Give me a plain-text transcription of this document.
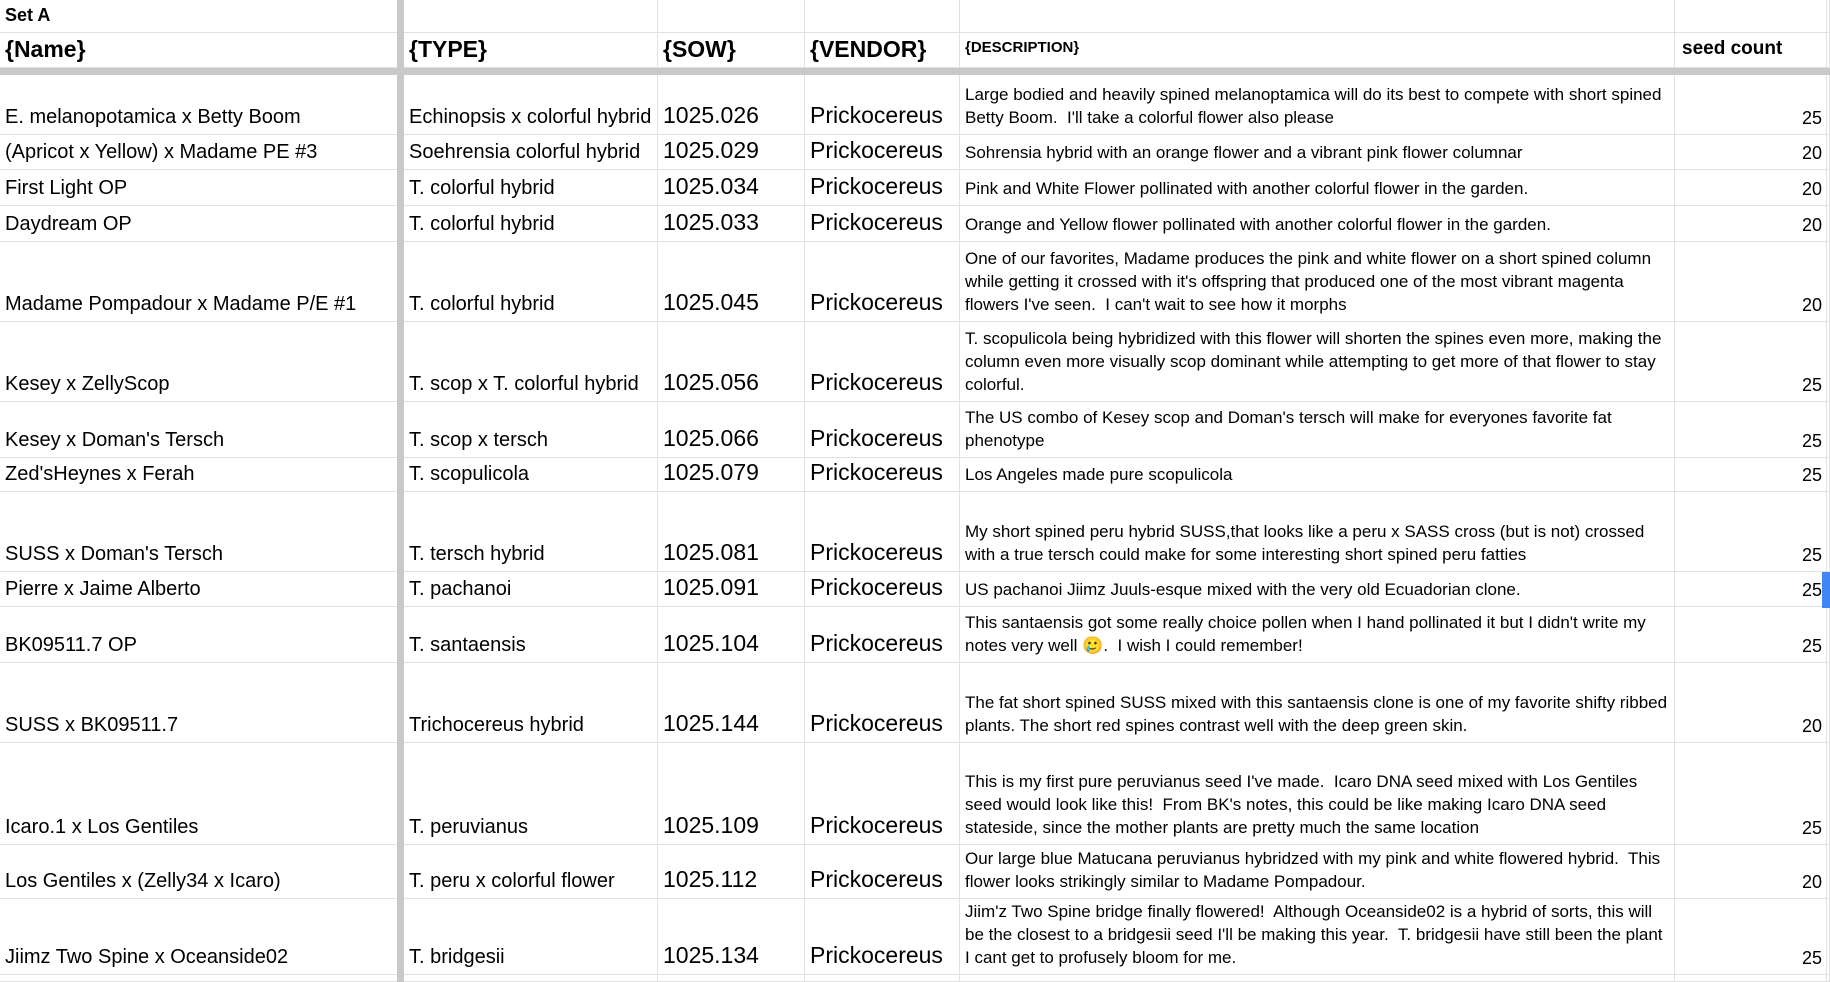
Set A						
{Name}	{TYPE}	{SOW}	{VENDOR}	{DESCRIPTION}	seed count	

E. melanopotamica x Betty Boom	Echinopsis x colorful hybrid	1025.026	Prickocereus	Large bodied and heavily spined melanoptamica will do its best to compete with short spined Betty Boom.  I'll take a colorful flower also please	25	
(Apricot x Yellow) x Madame PE #3	Soehrensia colorful hybrid	1025.029	Prickocereus	Sohrensia hybrid with an orange flower and a vibrant pink flower columnar	20	
First Light OP	T. colorful hybrid	1025.034	Prickocereus	Pink and White Flower pollinated with another colorful flower in the garden.	20	
Daydream OP	T. colorful hybrid	1025.033	Prickocereus	Orange and Yellow flower pollinated with another colorful flower in the garden.	20	
Madame Pompadour x Madame P/E #1	T. colorful hybrid	1025.045	Prickocereus	One of our favorites, Madame produces the pink and white flower on a short spined column while getting it crossed with it's offspring that produced one of the most vibrant magenta flowers I've seen.  I can't wait to see how it morphs	20	
Kesey x ZellyScop	T. scop x T. colorful hybrid	1025.056	Prickocereus	T. scopulicola being hybridized with this flower will shorten the spines even more, making the column even more visually scop dominant while attempting to get more of that flower to stay colorful.	25	
Kesey x Doman's Tersch	T. scop x tersch	1025.066	Prickocereus	The US combo of Kesey scop and Doman's tersch will make for everyones favorite fat phenotype	25	
Zed'sHeynes x Ferah	T. scopulicola	1025.079	Prickocereus	Los Angeles made pure scopulicola	25	
SUSS x Doman's Tersch	T. tersch hybrid	1025.081	Prickocereus	My short spined peru hybrid SUSS,that looks like a peru x SASS cross (but is not) crossed with a true tersch could make for some interesting short spined peru fatties	25	
Pierre x Jaime Alberto	T. pachanoi	1025.091	Prickocereus	US pachanoi Jiimz Juuls-esque mixed with the very old Ecuadorian clone.	25	
BK09511.7 OP	T. santaensis	1025.104	Prickocereus	This santaensis got some really choice pollen when I hand pollinated it but I didn't write my notes very well 🥲.  I wish I could remember!	25	
SUSS x BK09511.7	Trichocereus hybrid	1025.144	Prickocereus	The fat short spined SUSS mixed with this santaensis clone is one of my favorite shifty ribbed plants. The short red spines contrast well with the deep green skin.	20	
Icaro.1 x Los Gentiles	T. peruvianus	1025.109	Prickocereus	This is my first pure peruvianus seed I've made.  Icaro DNA seed mixed with Los Gentiles seed would look like this!  From BK's notes, this could be like making Icaro DNA seed stateside, since the mother plants are pretty much the same location	25	
Los Gentiles x (Zelly34 x Icaro)	T. peru x colorful flower	1025.112	Prickocereus	Our large blue Matucana peruvianus hybridzed with my pink and white flowered hybrid.  This flower looks strikingly similar to Madame Pompadour.	20	
Jiimz Two Spine x Oceanside02	T. bridgesii	1025.134	Prickocereus	Jiim'z Two Spine bridge finally flowered!  Although Oceanside02 is a hybrid of sorts, this will be the closest to a bridgesii seed I'll be making this year.  T. bridgesii have still been the plant I cant get to profusely bloom for me.	25	
